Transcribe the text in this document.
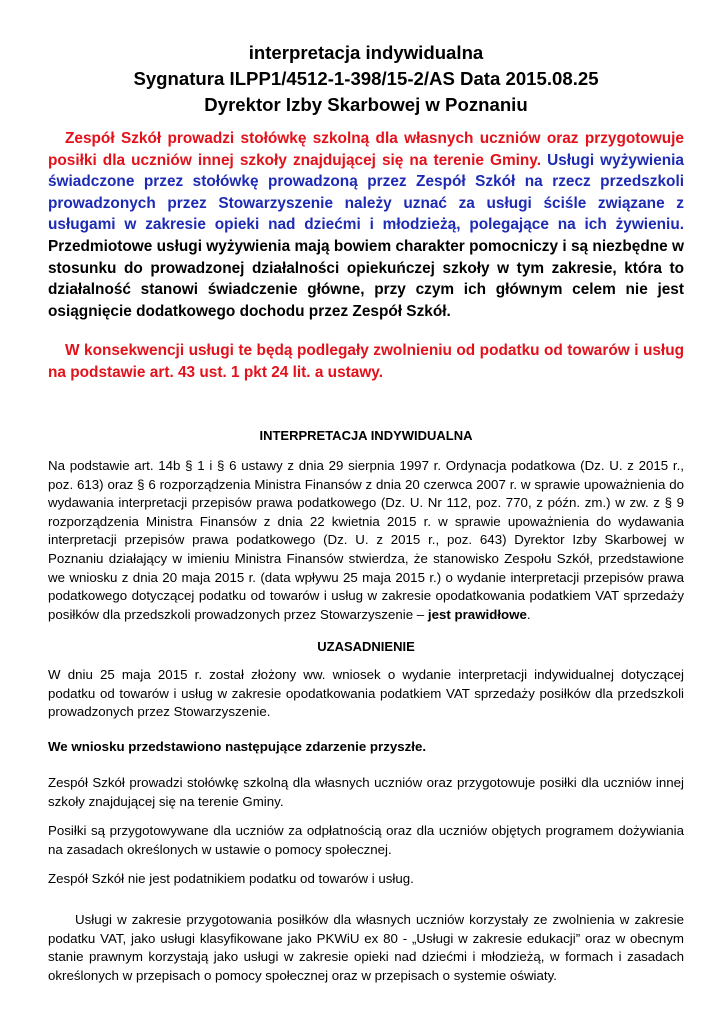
interpretacja indywidualna
Sygnatura ILPP1/4512-1-398/15-2/AS Data 2015.08.25
Dyrektor Izby Skarbowej w Poznaniu

Zespół Szkół prowadzi stołówkę szkolną dla własnych uczniów oraz przygotowuje posiłki dla uczniów innej szkoły znajdującej się na terenie Gminy. Usługi wyżywienia świadczone przez stołówkę prowadzoną przez Zespół Szkół na rzecz przedszkoli prowadzonych przez Stowarzyszenie należy uznać za usługi ściśle związane z usługami w zakresie opieki nad dziećmi i młodzieżą, polegające na ich żywieniu. Przedmiotowe usługi wyżywienia mają bowiem charakter pomocniczy i są niezbędne w stosunku do prowadzonej działalności opiekuńczej szkoły w tym zakresie, która to działalność stanowi świadczenie główne, przy czym ich głównym celem nie jest osiągnięcie dodatkowego dochodu przez Zespół Szkół.

W konsekwencji usługi te będą podlegały zwolnieniu od podatku od towarów i usług na podstawie art. 43 ust. 1 pkt 24 lit. a ustawy.

INTERPRETACJA INDYWIDUALNA

Na podstawie art. 14b § 1 i § 6 ustawy z dnia 29 sierpnia 1997 r. Ordynacja podatkowa (Dz. U. z 2015 r., poz. 613) oraz § 6 rozporządzenia Ministra Finansów z dnia 20 czerwca 2007 r. w sprawie upoważnienia do wydawania interpretacji przepisów prawa podatkowego (Dz. U. Nr 112, poz. 770, z późn. zm.) w zw. z § 9 rozporządzenia Ministra Finansów z dnia 22 kwietnia 2015 r. w sprawie upoważnienia do wydawania interpretacji przepisów prawa podatkowego (Dz. U. z 2015 r., poz. 643) Dyrektor Izby Skarbowej w Poznaniu działający w imieniu Ministra Finansów stwierdza, że stanowisko Zespołu Szkół, przedstawione we wniosku z dnia 20 maja 2015 r. (data wpływu 25 maja 2015 r.) o wydanie interpretacji przepisów prawa podatkowego dotyczącej podatku od towarów i usług w zakresie opodatkowania podatkiem VAT sprzedaży posiłków dla przedszkoli prowadzonych przez Stowarzyszenie – jest prawidłowe.

UZASADNIENIE

W dniu 25 maja 2015 r. został złożony ww. wniosek o wydanie interpretacji indywidualnej dotyczącej podatku od towarów i usług w zakresie opodatkowania podatkiem VAT sprzedaży posiłków dla przedszkoli prowadzonych przez Stowarzyszenie.

We wniosku przedstawiono następujące zdarzenie przyszłe.

Zespół Szkół prowadzi stołówkę szkolną dla własnych uczniów oraz przygotowuje posiłki dla uczniów innej szkoły znajdującej się na terenie Gminy.

Posiłki są przygotowywane dla uczniów za odpłatnością oraz dla uczniów objętych programem dożywiania na zasadach określonych w ustawie o pomocy społecznej.

Zespół Szkół nie jest podatnikiem podatku od towarów i usług.

Usługi w zakresie przygotowania posiłków dla własnych uczniów korzystały ze zwolnienia w zakresie podatku VAT, jako usługi klasyfikowane jako PKWiU ex 80 - „Usługi w zakresie edukacji” oraz w obecnym stanie prawnym korzystają jako usługi w zakresie opieki nad dziećmi i młodzieżą, w formach i zasadach określonych w przepisach o pomocy społecznej oraz w przepisach o systemie oświaty.
